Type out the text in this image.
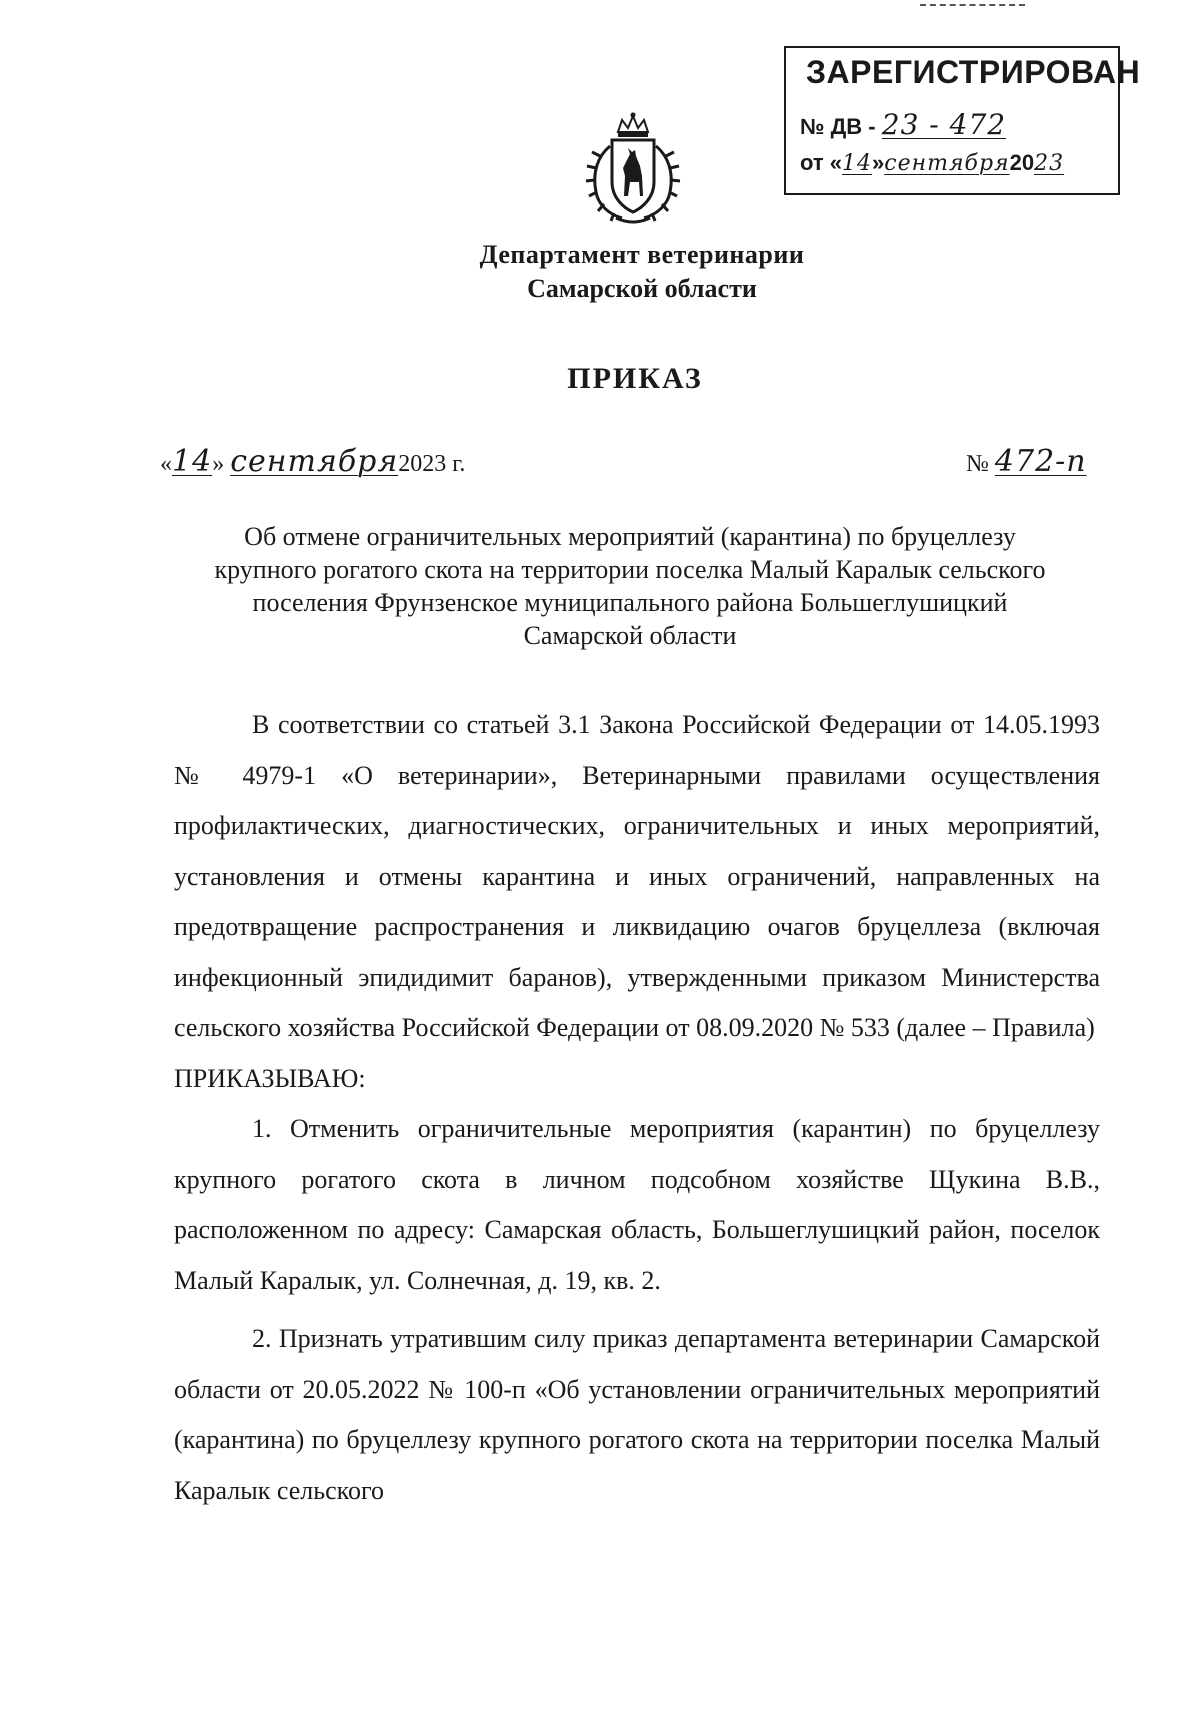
ЗАРЕГИСТРИРОВАН
№ ДВ - 23 - 472
от «14»сентября2023
Департамент ветеринарии
Самарской области
ПРИКАЗ
«14» сентября2023 г.	№ 472-п
Об отмене ограничительных мероприятий (карантина) по бруцеллезу
крупного рогатого скота на территории поселка Малый Каралык сельского
поселения Фрунзенское муниципального района Большеглушицкий
Самарской области

В соответствии со статьей 3.1 Закона Российской Федерации от 14.05.1993 № 4979-1 «О ветеринарии», Ветеринарными правилами осуществления профилактических, диагностических, ограничительных и иных мероприятий, установления и отмены карантина и иных ограничений, направленных на предотвращение распространения и ликвидацию очагов бруцеллеза (включая инфекционный эпидидимит баранов), утвержденными приказом Министерства сельского хозяйства Российской Федерации от 08.09.2020 № 533 (далее – Правила)

ПРИКАЗЫВАЮ:

1. Отменить ограничительные мероприятия (карантин) по бруцеллезу крупного рогатого скота в личном подсобном хозяйстве Щукина В.В., расположенном по адресу: Самарская область, Большеглушицкий район, поселок Малый Каралык, ул. Солнечная, д. 19, кв. 2.

2. Признать утратившим силу приказ департамента ветеринарии Самарской области от 20.05.2022 № 100-п «Об установлении ограничительных мероприятий (карантина) по бруцеллезу крупного рогатого скота на территории поселка Малый Каралык сельского
